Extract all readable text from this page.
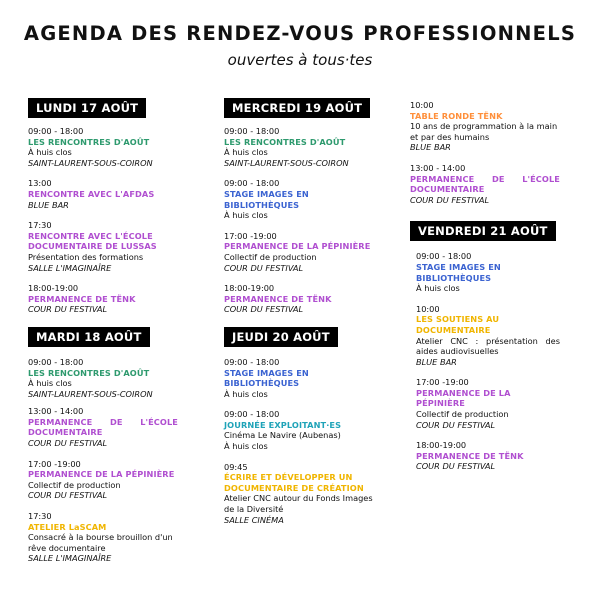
AGENDA DES RENDEZ-VOUS PROFESSIONNELS
ouvertes à tous·tes
LUNDI 17 AOÛT
09:00 - 18:00
LES RENCONTRES D'AOÛT
À huis clos
SAINT-LAURENT-SOUS-COIRON
13:00
RENCONTRE AVEC L'AFDAS
BLUE BAR
17:30
RENCONTRE AVEC L'ÉCOLE DOCUMENTAIRE DE LUSSAS
Présentation des formations
SALLE L'IMAGINAÎRE
18:00-19:00
PERMANENCE DE TËNK
COUR DU FESTIVAL
MARDI 18 AOÛT
09:00 - 18:00
LES RENCONTRES D'AOÛT
À huis clos
SAINT-LAURENT-SOUS-COIRON
13:00 - 14:00
PERMANENCE DE L'ÉCOLE DOCUMENTAIRE
COUR DU FESTIVAL
17:00 -19:00
PERMANENCE DE LA PÉPINIÈRE
Collectif de production
COUR DU FESTIVAL
17:30
ATELIER LaSCAM
Consacré à la bourse brouillon d'un rêve documentaire
SALLE L'IMAGINAÎRE
MERCREDI 19 AOÛT
09:00 - 18:00
LES RENCONTRES D'AOÛT
À huis clos
SAINT-LAURENT-SOUS-COIRON
09:00 - 18:00
STAGE IMAGES EN BIBLIOTHÈQUES
À huis clos
17:00 -19:00
PERMANENCE DE LA PÉPINIÈRE
Collectif de production
COUR DU FESTIVAL
18:00-19:00
PERMANENCE DE TËNK
COUR DU FESTIVAL
JEUDI 20 AOÛT
09:00 - 18:00
STAGE IMAGES EN BIBLIOTHÈQUES
À huis clos
09:00 - 18:00
JOURNÉE EXPLOITANT·ES
Cinéma Le Navire (Aubenas)
À huis clos
09:45
ÉCRIRE ET DÉVELOPPER UN DOCUMENTAIRE DE CRÉATION
Atelier CNC autour du Fonds Images de la Diversité
SALLE CINÉMA
10:00
TABLE RONDE TËNK
10 ans de programmation à la main et par des humains
BLUE BAR
13:00 - 14:00
PERMANENCE DE L'ÉCOLE DOCUMENTAIRE
COUR DU FESTIVAL
VENDREDI 21 AOÛT
09:00 - 18:00
STAGE IMAGES EN BIBLIOTHÈQUES
À huis clos
10:00
LES SOUTIENS AU DOCUMENTAIRE
Atelier CNC : présentation des aides audiovisuelles
BLUE BAR
17:00 -19:00
PERMANENCE DE LA PÉPINIÈRE
Collectif de production
COUR DU FESTIVAL
18:00-19:00
PERMANENCE DE TËNK
COUR DU FESTIVAL
